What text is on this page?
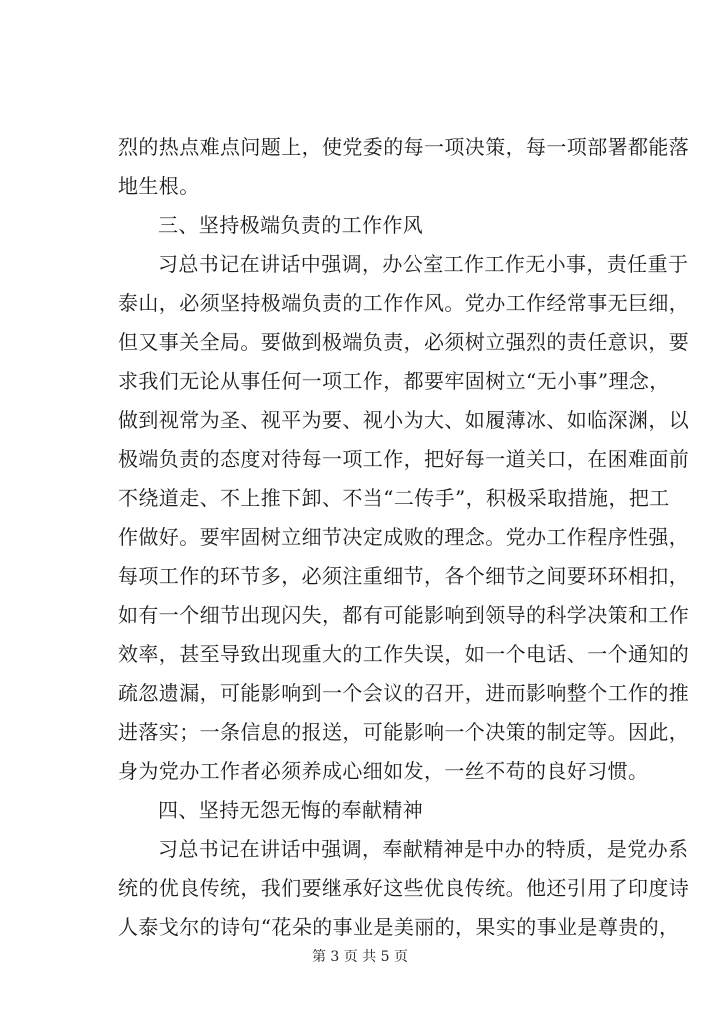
烈的热点难点问题上，使党委的每一项决策，每一项部署都能落
地生根。
三、坚持极端负责的工作作风
习总书记在讲话中强调，办公室工作工作无小事，责任重于
泰山，必须坚持极端负责的工作作风。党办工作经常事无巨细，
但又事关全局。要做到极端负责，必须树立强烈的责任意识，要
求我们无论从事任何一项工作，都要牢固树立“无小事”理念，
做到视常为圣、视平为要、视小为大、如履薄冰、如临深渊，以
极端负责的态度对待每一项工作，把好每一道关口，在困难面前
不绕道走、不上推下卸、不当“二传手”，积极采取措施，把工
作做好。要牢固树立细节决定成败的理念。党办工作程序性强，
每项工作的环节多，必须注重细节，各个细节之间要环环相扣，
如有一个细节出现闪失，都有可能影响到领导的科学决策和工作
效率，甚至导致出现重大的工作失误，如一个电话、一个通知的
疏忽遗漏，可能影响到一个会议的召开，进而影响整个工作的推
进落实；一条信息的报送，可能影响一个决策的制定等。因此，
身为党办工作者必须养成心细如发，一丝不苟的良好习惯。
四、坚持无怨无悔的奉献精神
习总书记在讲话中强调，奉献精神是中办的特质，是党办系
统的优良传统，我们要继承好这些优良传统。他还引用了印度诗
人泰戈尔的诗句“花朵的事业是美丽的，果实的事业是尊贵的，
第 3 页 共 5 页
